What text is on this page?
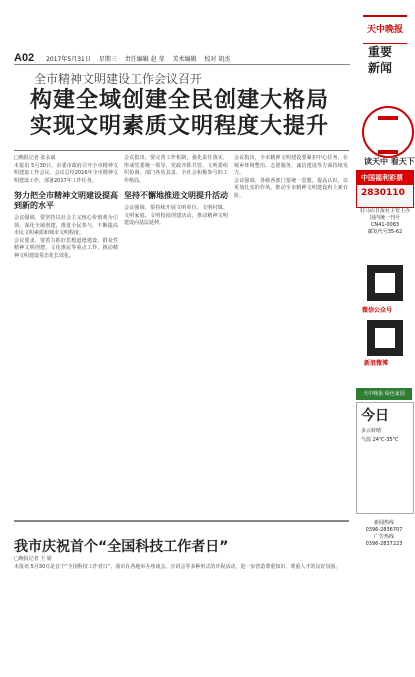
A02 2017年5月31日 星期三 责任编辑 赵 莹 美术编辑 校对 胡杰
全市精神文明建设工作会议召开
构建全域创建全民创建大格局
实现文明素质文明程度大提升
□晚报记者 张永斌
本报讯 5月30日，市委市政府召开全市精神文明建设工作会议。会议总结2016年全市精神文明建设工作，部署2017年工作任务。
努力把全市精神文明建设提高到新的水平
会议强调，要坚持以社会主义核心价值观为引领，深化全域创建，推进全民参与，不断提高市民文明素质和城市文明程度。
会议要求，要着力抓好思想道德建设、群众性精神文明创建、文化惠民等重点工作，推动精神文明建设常态化长效化。
会议指出，要完善工作机制，强化责任落实，形成党委统一领导、党政齐抓共管、文明委组织协调、部门各负其责、全社会积极参与的工作格局。
坚持不懈地推进文明提升活动
会议强调，要持续开展文明单位、文明村镇、文明家庭、文明校园创建活动，推动精神文明建设向基层延伸。
会议指出，全市精神文明建设要紧扣中心任务，在城乡环境整治、志愿服务、诚信建设等方面持续发力。
会议强调，各级各部门要统一思想，提高认识，以更加扎实的作风，推动全市精神文明建设再上新台阶。
我市庆祝首个“全国科技工作者日”
□晚报记者 王 娇
本报讯 5月30日是首个“全国科技工作者日”。我市在各地举办座谈会、宣讲会等多种形式的庆祝活动，进一步营造尊重知识、尊重人才的良好氛围。
天中晚报
重要
新闻
读天中 看天下
中国福利彩票
2830110
驻马店日报社主管主办
国内统一刊号
CN41-0083
邮发代号35-62
微信公众号
新浪微博
天中晚报 绿色家园
今日
多云转晴
气温 24℃-35℃
新闻热线
0396-2836707
广告热线
0396-2837223
